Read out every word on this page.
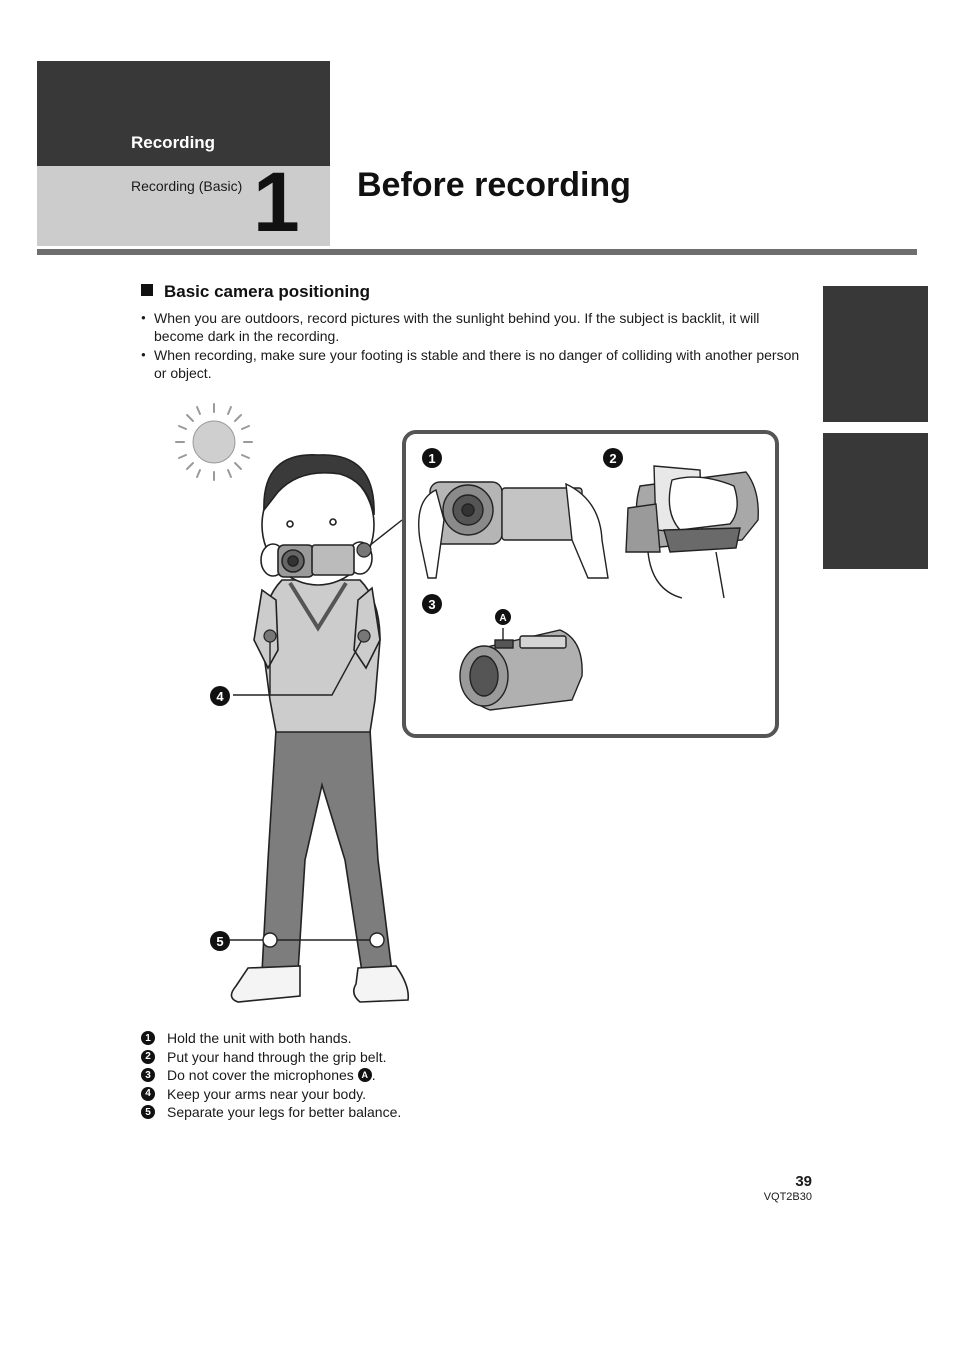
Recording
Recording (Basic) 1 Before recording
Basic camera positioning
● When you are outdoors, record pictures with the sunlight behind you. If the subject is backlit, it will become dark in the recording.
● When recording, make sure your footing is stable and there is no danger of colliding with another person or object.
4
5
1	2
3
A
1	Hold the unit with both hands.
2	Put your hand through the grip belt.
3	Do not cover the microphones A .
4	Keep your arms near your body.
5	Separate your legs for better balance.
39
VQT2B30
